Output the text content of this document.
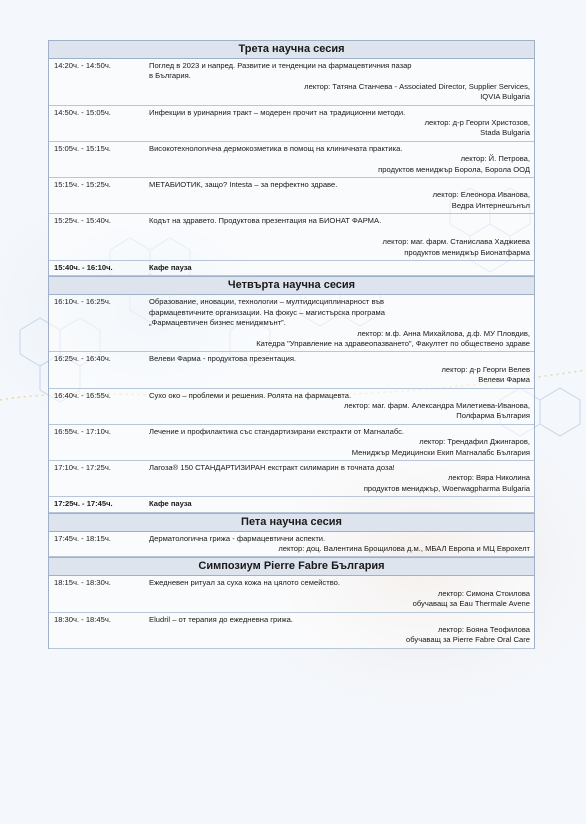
Трета научна сесия
14:20ч. - 14:50ч.	Поглед в 2023 и напред. Развитие и тенденции на фармацевтичния пазар
в България.
лектор: Татяна Станчева - Associated Director, Supplier Services,
IQVIA Bulgaria
14:50ч. - 15:05ч.	Инфекции в уринарния тракт – модерен прочит на традиционни методи.
лектор: д-р Георги Христозов,
Stada Bulgaria
15:05ч. - 15:15ч.	Високотехнологична дермокозметика в помощ на клиничната практика.
лектор: Й. Петрова,
продуктов мениджър Борола, Борола ООД
15:15ч. - 15:25ч.	МЕТАБИОТИК, защо? Intesta – за перфектно здраве.
лектор: Елеонора Иванова,
Ведра Интернешънъл
15:25ч. - 15:40ч.	Кодът на здравето. Продуктова презентация на БИОНАТ ФАРМА.

лектор: маг. фарм. Станислава Хаджиева
продуктов мениджър Бионатфарма
15:40ч. - 16:10ч.	Кафе пауза
Четвърта научна сесия
16:10ч. - 16:25ч.	Образование, иновации, технологии – мултидисциплинарност във
фармацевтичните организации. На фокус – магистърска програма
„Фармацевтичен бизнес мениджмънт”.
лектор: м.ф. Анна Михайлова, д.ф. МУ Пловдив,
Катедра "Управление на здравеопазването", Факултет по обществено здраве
16:25ч. - 16:40ч.	Велеви Фарма - продуктова презентация.
лектор: д-р Георги Велев
Велеви Фарма
16:40ч. - 16:55ч.	Сухо око – проблеми и решения. Ролята на фармацевта.
лектор: маг. фарм. Александра Милетиева-Иванова,
Полфарма България
16:55ч. - 17:10ч.	Лечение и профилактика със стандартизирани екстракти от Магналабс.
лектор: Трендафил Джингаров,
Мениджър Медицински Екип Магналабс България
17:10ч. - 17:25ч.	Лагоза® 150 СТАНДАРТИЗИРАН екстракт силимарин в точната доза!
лектор: Вяра Николина
продуктов мениджър, Woerwagpharma Bulgaria
17:25ч. - 17:45ч.	Кафе пауза
Пета научна сесия
17:45ч. - 18:15ч.	Дерматологична грижа - фармацевтични аспекти.
лектор: доц. Валентина Брощилова д.м., МБАЛ Европа и МЦ Еврохелт
Симпозиум Pierre Fabre България
18:15ч. - 18:30ч.	Ежедневен ритуал за суха кожа на цялото семейство.
лектор: Симона Стоилова
обучаващ за Eau Thermale Avene
18:30ч. - 18:45ч.	Eludril – от терапия до ежедневна грижа.
лектор: Бояна Теофилова
обучаващ за Pierre Fabre Oral Care
